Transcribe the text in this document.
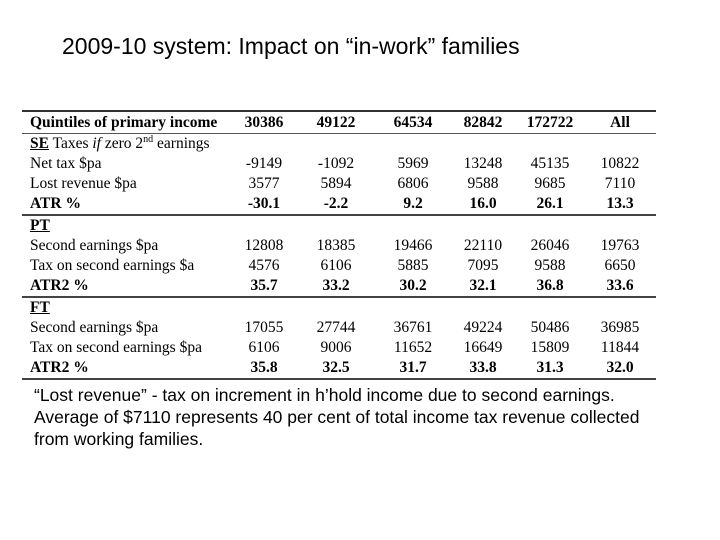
2009-10 system: Impact on “in-work” families
Quintiles of primary income	30386	49122	64534	82842	172722	All
SE Taxes if zero 2nd earnings						
Net tax $pa	-9149	-1092	5969	13248	45135	10822
Lost revenue $pa	3577	5894	6806	9588	9685	7110
ATR %	-30.1	-2.2	9.2	16.0	26.1	13.3
PT						
Second earnings $pa	12808	18385	19466	22110	26046	19763
Tax on second earnings $a	4576	6106	5885	7095	9588	6650
ATR2 %	35.7	33.2	30.2	32.1	36.8	33.6
FT						
Second earnings $pa	17055	27744	36761	49224	50486	36985
Tax on second earnings $pa	6106	9006	11652	16649	15809	11844
ATR2 %	35.8	32.5	31.7	33.8	31.3	32.0

“Lost revenue” - tax on increment in h’hold income due to second earnings.

Average of $7110 represents 40 per cent of total income tax revenue collected from working families.
